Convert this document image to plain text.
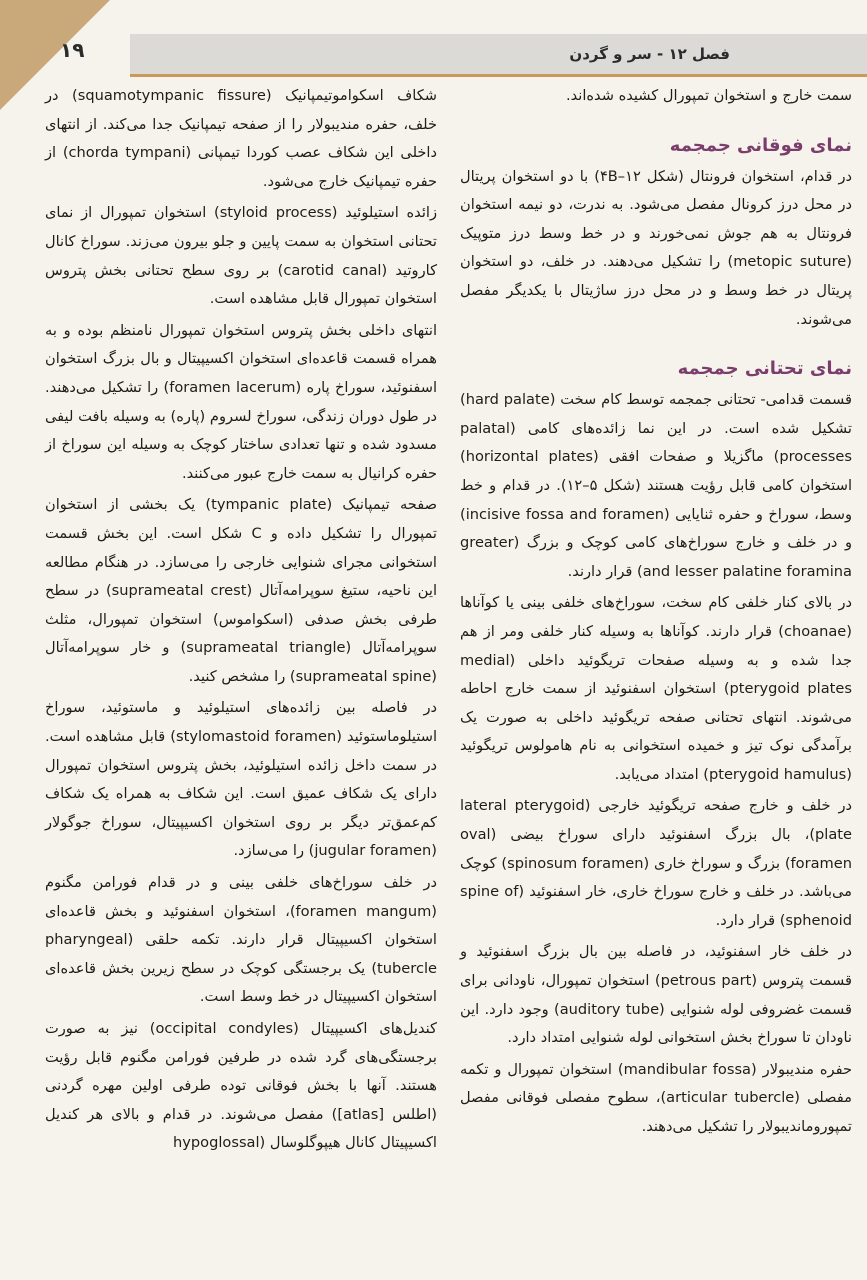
۱۹	فصل ۱۲ - سر و گردن

سمت خارج و استخوان تمپورال کشیده شده‌اند.

نمای فوقانی جمجمه

در قدام، استخوان فرونتال (شکل ۴B–۱۲) با دو استخوان پریتال در محل درز کرونال مفصل می‌شود. به ندرت، دو نیمه استخوان فرونتال به هم جوش نمی‌خورند و در خط وسط درز متوپیک (metopic suture) را تشکیل می‌دهند. در خلف، دو استخوان پریتال در خط وسط و در محل درز ساژیتال با یکدیگر مفصل می‌شوند.

نمای تحتانی جمجمه

قسمت قدامی- تحتانی جمجمه توسط کام سخت (hard palate) تشکیل شده است. در این نما زائده‌های کامی (palatal processes) ماگزیلا و صفحات افقی (horizontal plates) استخوان کامی قابل رؤیت هستند (شکل ۵–۱۲). در قدام و خط وسط، سوراخ و حفره ثنایایی (incisive fossa and foramen) و در خلف و خارج سوراخ‌های کامی کوچک و بزرگ (greater and lesser palatine foramina) قرار دارند.

در بالای کنار خلفی کام سخت، سوراخ‌های خلفی بینی یا کوآناها (choanae) قرار دارند. کوآناها به وسیله کنار خلفی ومر از هم جدا شده و به وسیله صفحات تریگوئید داخلی (medial pterygoid plates) استخوان اسفنوئید از سمت خارج احاطه می‌شوند. انتهای تحتانی صفحه تریگوئید داخلی به صورت یک برآمدگی نوک تیز و خمیده استخوانی به نام هامولوس تریگوئید (pterygoid hamulus) امتداد می‌یابد.

در خلف و خارج صفحه تریگوئید خارجی (lateral pterygoid plate)، بال بزرگ اسفنوئید دارای سوراخ بیضی (oval foramen) بزرگ و سوراخ خاری (spinosum foramen) کوچک می‌باشد. در خلف و خارج سوراخ خاری، خار اسفنوئید (spine of sphenoid) قرار دارد.

در خلف خار اسفنوئید، در فاصله بین بال بزرگ اسفنوئید و قسمت پتروس (petrous part) استخوان تمپورال، ناودانی برای قسمت غضروفی لوله شنوایی (auditory tube) وجود دارد. این ناودان تا سوراخ بخش استخوانی لوله شنوایی امتداد دارد.

حفره مندیبولار (mandibular fossa) استخوان تمپورال و تکمه مفصلی (articular tubercle)، سطوح مفصلی فوقانی مفصل تمپوروماندیبولار را تشکیل می‌دهند.

شکاف اسکواموتیمپانیک (squamotympanic fissure) در خلف، حفره مندیبولار را از صفحه تیمپانیک جدا می‌کند. از انتهای داخلی این شکاف عصب کوردا تیمپانی (chorda tympani) از حفره تیمپانیک خارج می‌شود.

زائده استیلوئید (styloid process) استخوان تمپورال از نمای تحتانی استخوان به سمت پایین و جلو بیرون می‌زند. سوراخ کانال کاروتید (carotid canal) بر روی سطح تحتانی بخش پتروس استخوان تمپورال قابل مشاهده است.

انتهای داخلی بخش پتروس استخوان تمپورال نامنظم بوده و به همراه قسمت قاعده‌ای استخوان اکسیپیتال و بال بزرگ استخوان اسفنوئید، سوراخ پاره (foramen lacerum) را تشکیل می‌دهند. در طول دوران زندگی، سوراخ لسروم (پاره) به وسیله بافت لیفی مسدود شده و تنها تعدادی ساختار کوچک به وسیله این سوراخ از حفره کرانیال به سمت خارج عبور می‌کنند.

صفحه تیمپانیک (tympanic plate) یک بخشی از استخوان تمپورال را تشکیل داده و C شکل است. این بخش قسمت استخوانی مجرای شنوایی خارجی را می‌سازد. در هنگام مطالعه این ناحیه، ستیغ سوپرامه‌آتال (suprameatal crest) در سطح طرفی بخش صدفی (اسکواموس) استخوان تمپورال، مثلث سوپرامه‌آتال (suprameatal triangle) و خار سوپرامه‌آتال (suprameatal spine) را مشخص کنید.

در فاصله بین زائده‌های استیلوئید و ماستوئید، سوراخ استیلوماستوئید (stylomastoid foramen) قابل مشاهده است. در سمت داخل زائده استیلوئید، بخش پتروس استخوان تمپورال دارای یک شکاف عمیق است. این شکاف به همراه یک شکاف کم‌عمق‌تر دیگر بر روی استخوان اکسیپیتال، سوراخ جوگولار (jugular foramen) را می‌سازد.

در خلف سوراخ‌های خلفی بینی و در قدام فورامن مگنوم (foramen mangum)، استخوان اسفنوئید و بخش قاعده‌ای استخوان اکسیپیتال قرار دارند. تکمه حلقی (pharyngeal tubercle) یک برجستگی کوچک در سطح زیرین بخش قاعده‌ای استخوان اکسیپیتال در خط وسط است.

کندیل‌های اکسیپیتال (occipital condyles) نیز به صورت برجستگی‌های گرد شده در طرفین فورامن مگنوم قابل رؤیت هستند. آنها با بخش فوقانی توده طرفی اولین مهره گردنی (اطلس [atlas]) مفصل می‌شوند. در قدام و بالای هر کندیل اکسیپیتال کانال هیپوگلوسال (hypoglossal
